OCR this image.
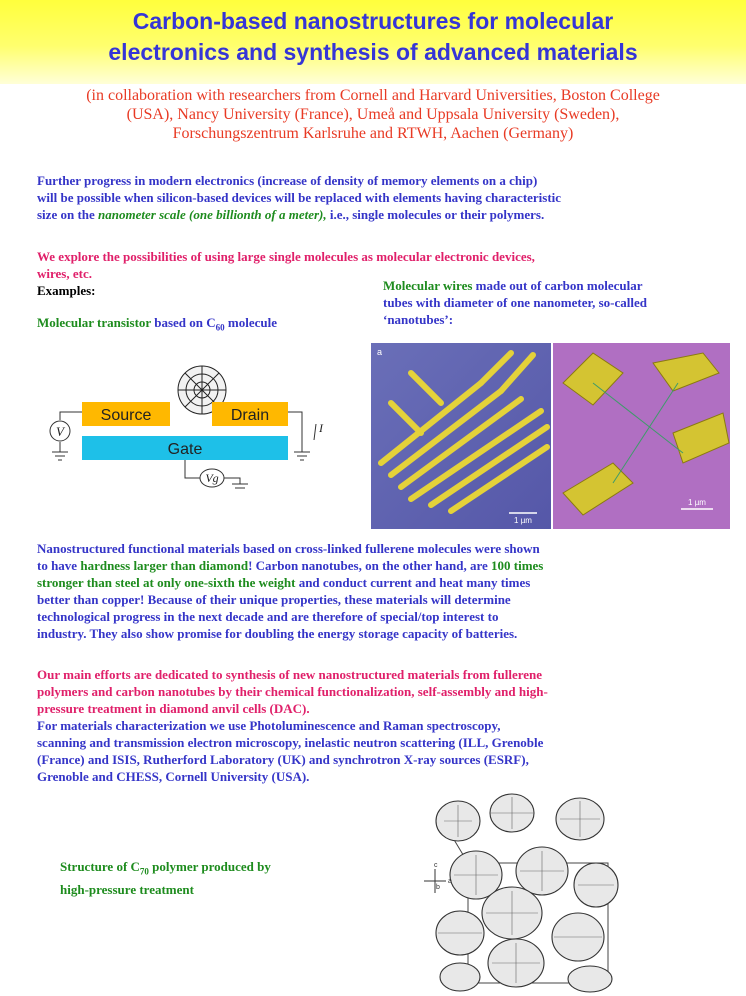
Carbon-based nanostructures for molecular
electronics and synthesis of advanced materials
(in collaboration with researchers from Cornell and Harvard Universities, Boston College
(USA), Nancy University (France), Umeå and Uppsala University (Sweden),
Forschungszentrum Karlsruhe and RTWH, Aachen (Germany)
Further progress in modern electronics (increase of density of memory elements on a chip)
will be possible when silicon-based devices will be replaced with elements having characteristic
size on the nanometer scale (one billionth of a meter), i.e., single molecules or their polymers.
We explore the possibilities of using large single molecules as molecular electronic devices,
wires, etc.
Examples:
Molecular transistor based on $C_{60}$ molecule
Molecular wires made out of carbon molecular
tubes with diameter of one nanometer, so-called
‘nanotubes’:
Source	Drain
Gate
V
Vg
I
a
1 µm
1 µm
Nanostructured functional materials based on cross-linked fullerene molecules were shown
to have hardness larger than diamond! Carbon nanotubes, on the other hand, are 100 times
stronger than steel at only one-sixth the weight and conduct current and heat many times
better than copper! Because of their unique properties, these materials will determine
technological progress in the next decade and are therefore of special/top interest to
industry. They also show promise for doubling the energy storage capacity of batteries.
Our main efforts are dedicated to synthesis of new nanostructured materials from fullerene
polymers and carbon nanotubes by their chemical functionalization, self-assembly and high-
pressure treatment in diamond anvil cells (DAC).
For materials characterization we use Photoluminescence and Raman spectroscopy,
scanning and transmission electron microscopy, inelastic neutron scattering (ILL, Grenoble
(France) and ISIS, Rutherford Laboratory (UK) and synchrotron X-ray sources (ESRF),
Grenoble and CHESS, Cornell University (USA).
Structure of $C_{70}$ polymer produced by
high-pressure treatment
c
a
b
